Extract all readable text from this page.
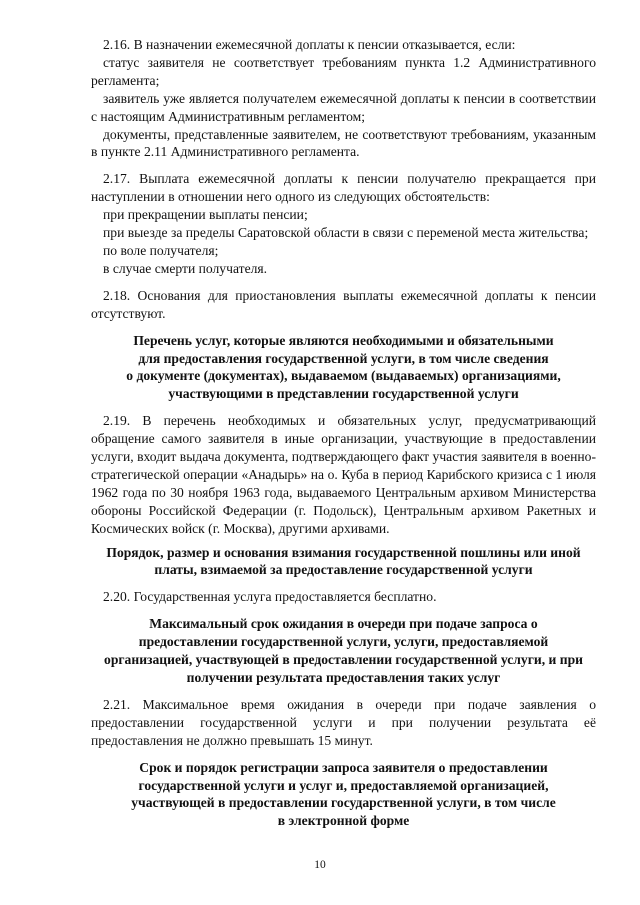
2.16. В назначении ежемесячной доплаты к пенсии отказывается, если:

статус заявителя не соответствует требованиям пункта 1.2 Административного регламента;

заявитель уже является получателем ежемесячной доплаты к пенсии в соответствии с настоящим Административным регламентом;

документы, представленные заявителем, не соответствуют требованиям, указанным в пункте 2.11 Административного регламента.

2.17. Выплата ежемесячной доплаты к пенсии получателю прекращается при наступлении в отношении него одного из следующих обстоятельств:

при прекращении выплаты пенсии;

при выезде за пределы Саратовской области в связи с переменой места жительства;

по воле получателя;

в случае смерти получателя.

2.18. Основания для приостановления выплаты ежемесячной доплаты к пенсии отсутствуют.

Перечень услуг, которые являются необходимыми и обязательными

для предоставления государственной услуги, в том числе сведения

о документе (документах), выдаваемом (выдаваемых) организациями,

участвующими в представлении государственной услуги

2.19. В перечень необходимых и обязательных услуг, предусматривающий обращение самого заявителя в иные организации, участвующие в предоставлении услуги, входит выдача документа, подтверждающего факт участия заявителя в военно-стратегической операции «Анадырь» на о. Куба в период Карибского кризиса с 1 июля 1962 года по 30 ноября 1963 года, выдаваемого Центральным архивом Министерства обороны Российской Федерации (г. Подольск), Центральным архивом Ракетных и Космических войск (г. Москва), другими архивами.

Порядок, размер и основания взимания государственной пошлины или иной

платы, взимаемой за предоставление государственной услуги

2.20. Государственная услуга предоставляется бесплатно.

Максимальный срок ожидания в очереди при подаче запроса о

предоставлении государственной услуги, услуги, предоставляемой

организацией, участвующей в предоставлении государственной услуги, и при

получении результата предоставления таких услуг

2.21. Максимальное время ожидания в очереди при подаче заявления о предоставлении государственной услуги и при получении результата её предоставления не должно превышать 15 минут.

Срок и порядок регистрации запроса заявителя о предоставлении

государственной услуги и услуг и, предоставляемой организацией,

участвующей в предоставлении государственной услуги, в том числе

в электронной форме

10
